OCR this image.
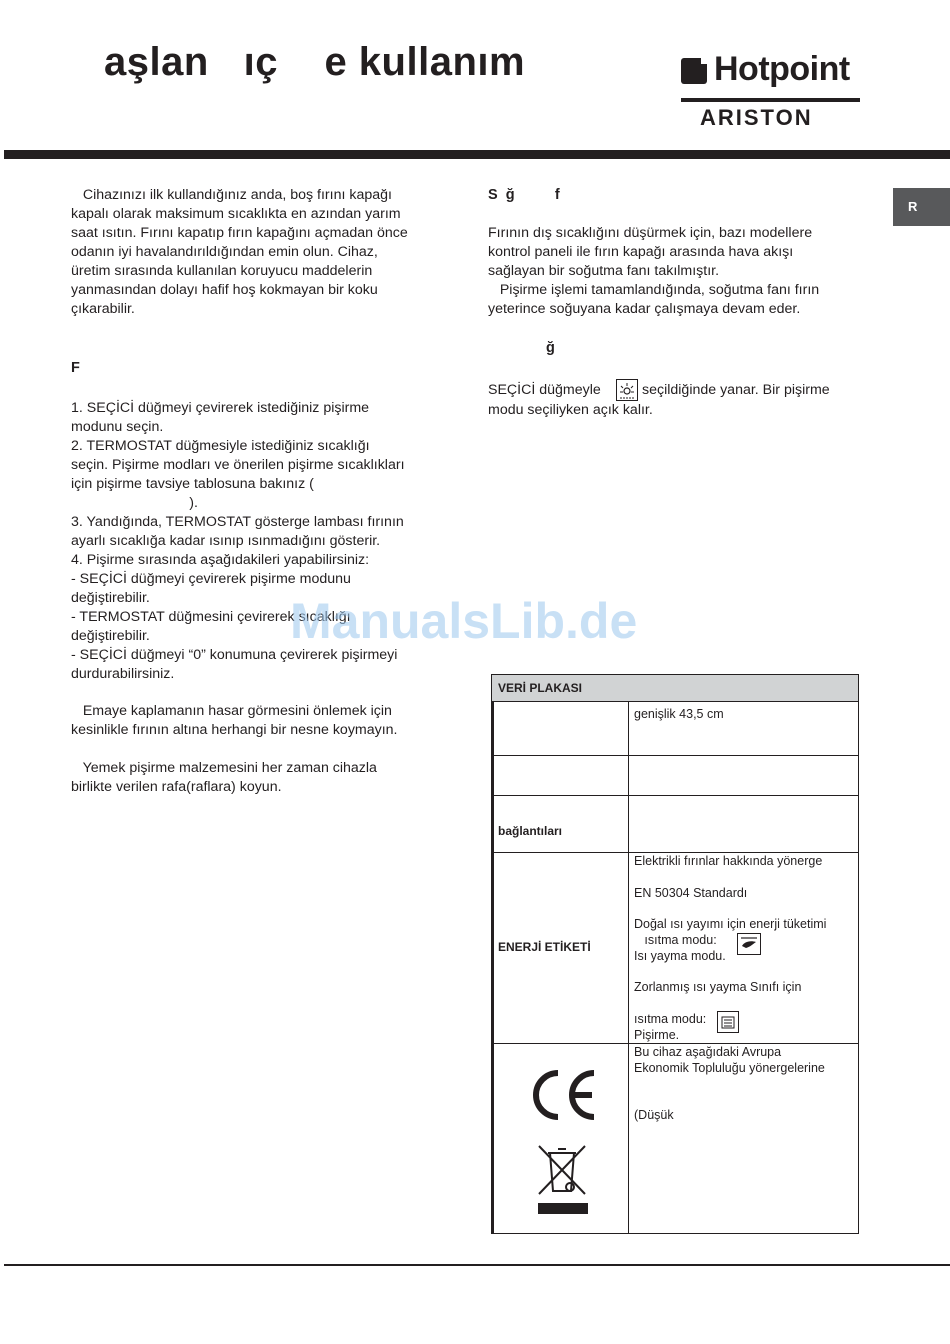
aşlan   ıç    e kullanım	Hotpoint
ARISTON
R
Cihazınızı ilk kullandığınız anda, boş fırını kapağı
kapalı olarak maksimum sıcaklıkta en azından yarım
saat ısıtın. Fırını kapatıp fırın kapağını açmadan önce
odanın iyi havalandırıldığından emin olun. Cihaz,
üretim sırasında kullanılan koruyucu maddelerin
yanmasından dolayı hafif hoş kokmayan bir koku
çıkarabilir.
F
1. SEÇİCİ düğmeyi çevirerek istediğiniz pişirme
modunu seçin.
2. TERMOSTAT düğmesiyle istediğiniz sıcaklığı
seçin. Pişirme modları ve önerilen pişirme sıcaklıkları
için pişirme tavsiye tablosuna bakınız (
).
3. Yandığında, TERMOSTAT gösterge lambası fırının
ayarlı sıcaklığa kadar ısınıp ısınmadığını gösterir.
4. Pişirme sırasında aşağıdakileri yapabilirsiniz:
- SEÇİCİ düğmeyi çevirerek pişirme modunu
değiştirebilir.
- TERMOSTAT düğmesini çevirerek sıcaklığı
değiştirebilir.
- SEÇİCİ düğmeyi “0” konumuna çevirerek pişirmeyi
durdurabilirsiniz.
Emaye kaplamanın hasar görmesini önlemek için
kesinlikle fırının altına herhangi bir nesne koymayın.
Yemek pişirme malzemesini her zaman cihazla
birlikte verilen rafa(raflara) koyun.
S  ğ          f
Fırının dış sıcaklığını düşürmek için, bazı modellere
kontrol paneli ile fırın kapağı arasında hava akışı
sağlayan bir soğutma fanı takılmıştır.
Pişirme işlemi tamamlandığında, soğutma fanı fırın
yeterince soğuyana kadar çalışmaya devam eder.
ğ
SEÇİCİ düğmeyle	seçildiğinde yanar. Bir pişirme
modu seçiliyken açık kalır.
ManualsLib.de
VERİ PLAKASI
genişlik 43,5 cm
bağlantıları
ENERJİ ETİKETİ
Elektrikli fırınlar hakkında yönerge
EN 50304 Standardı
Doğal ısı yayımı için enerji tüketimi
ısıtma modu:
Isı yayma modu.
Zorlanmış ısı yayma Sınıfı için
ısıtma modu:
Pişirme.
Bu cihaz aşağıdaki Avrupa
Ekonomik Topluluğu yönergelerine
(Düşük
